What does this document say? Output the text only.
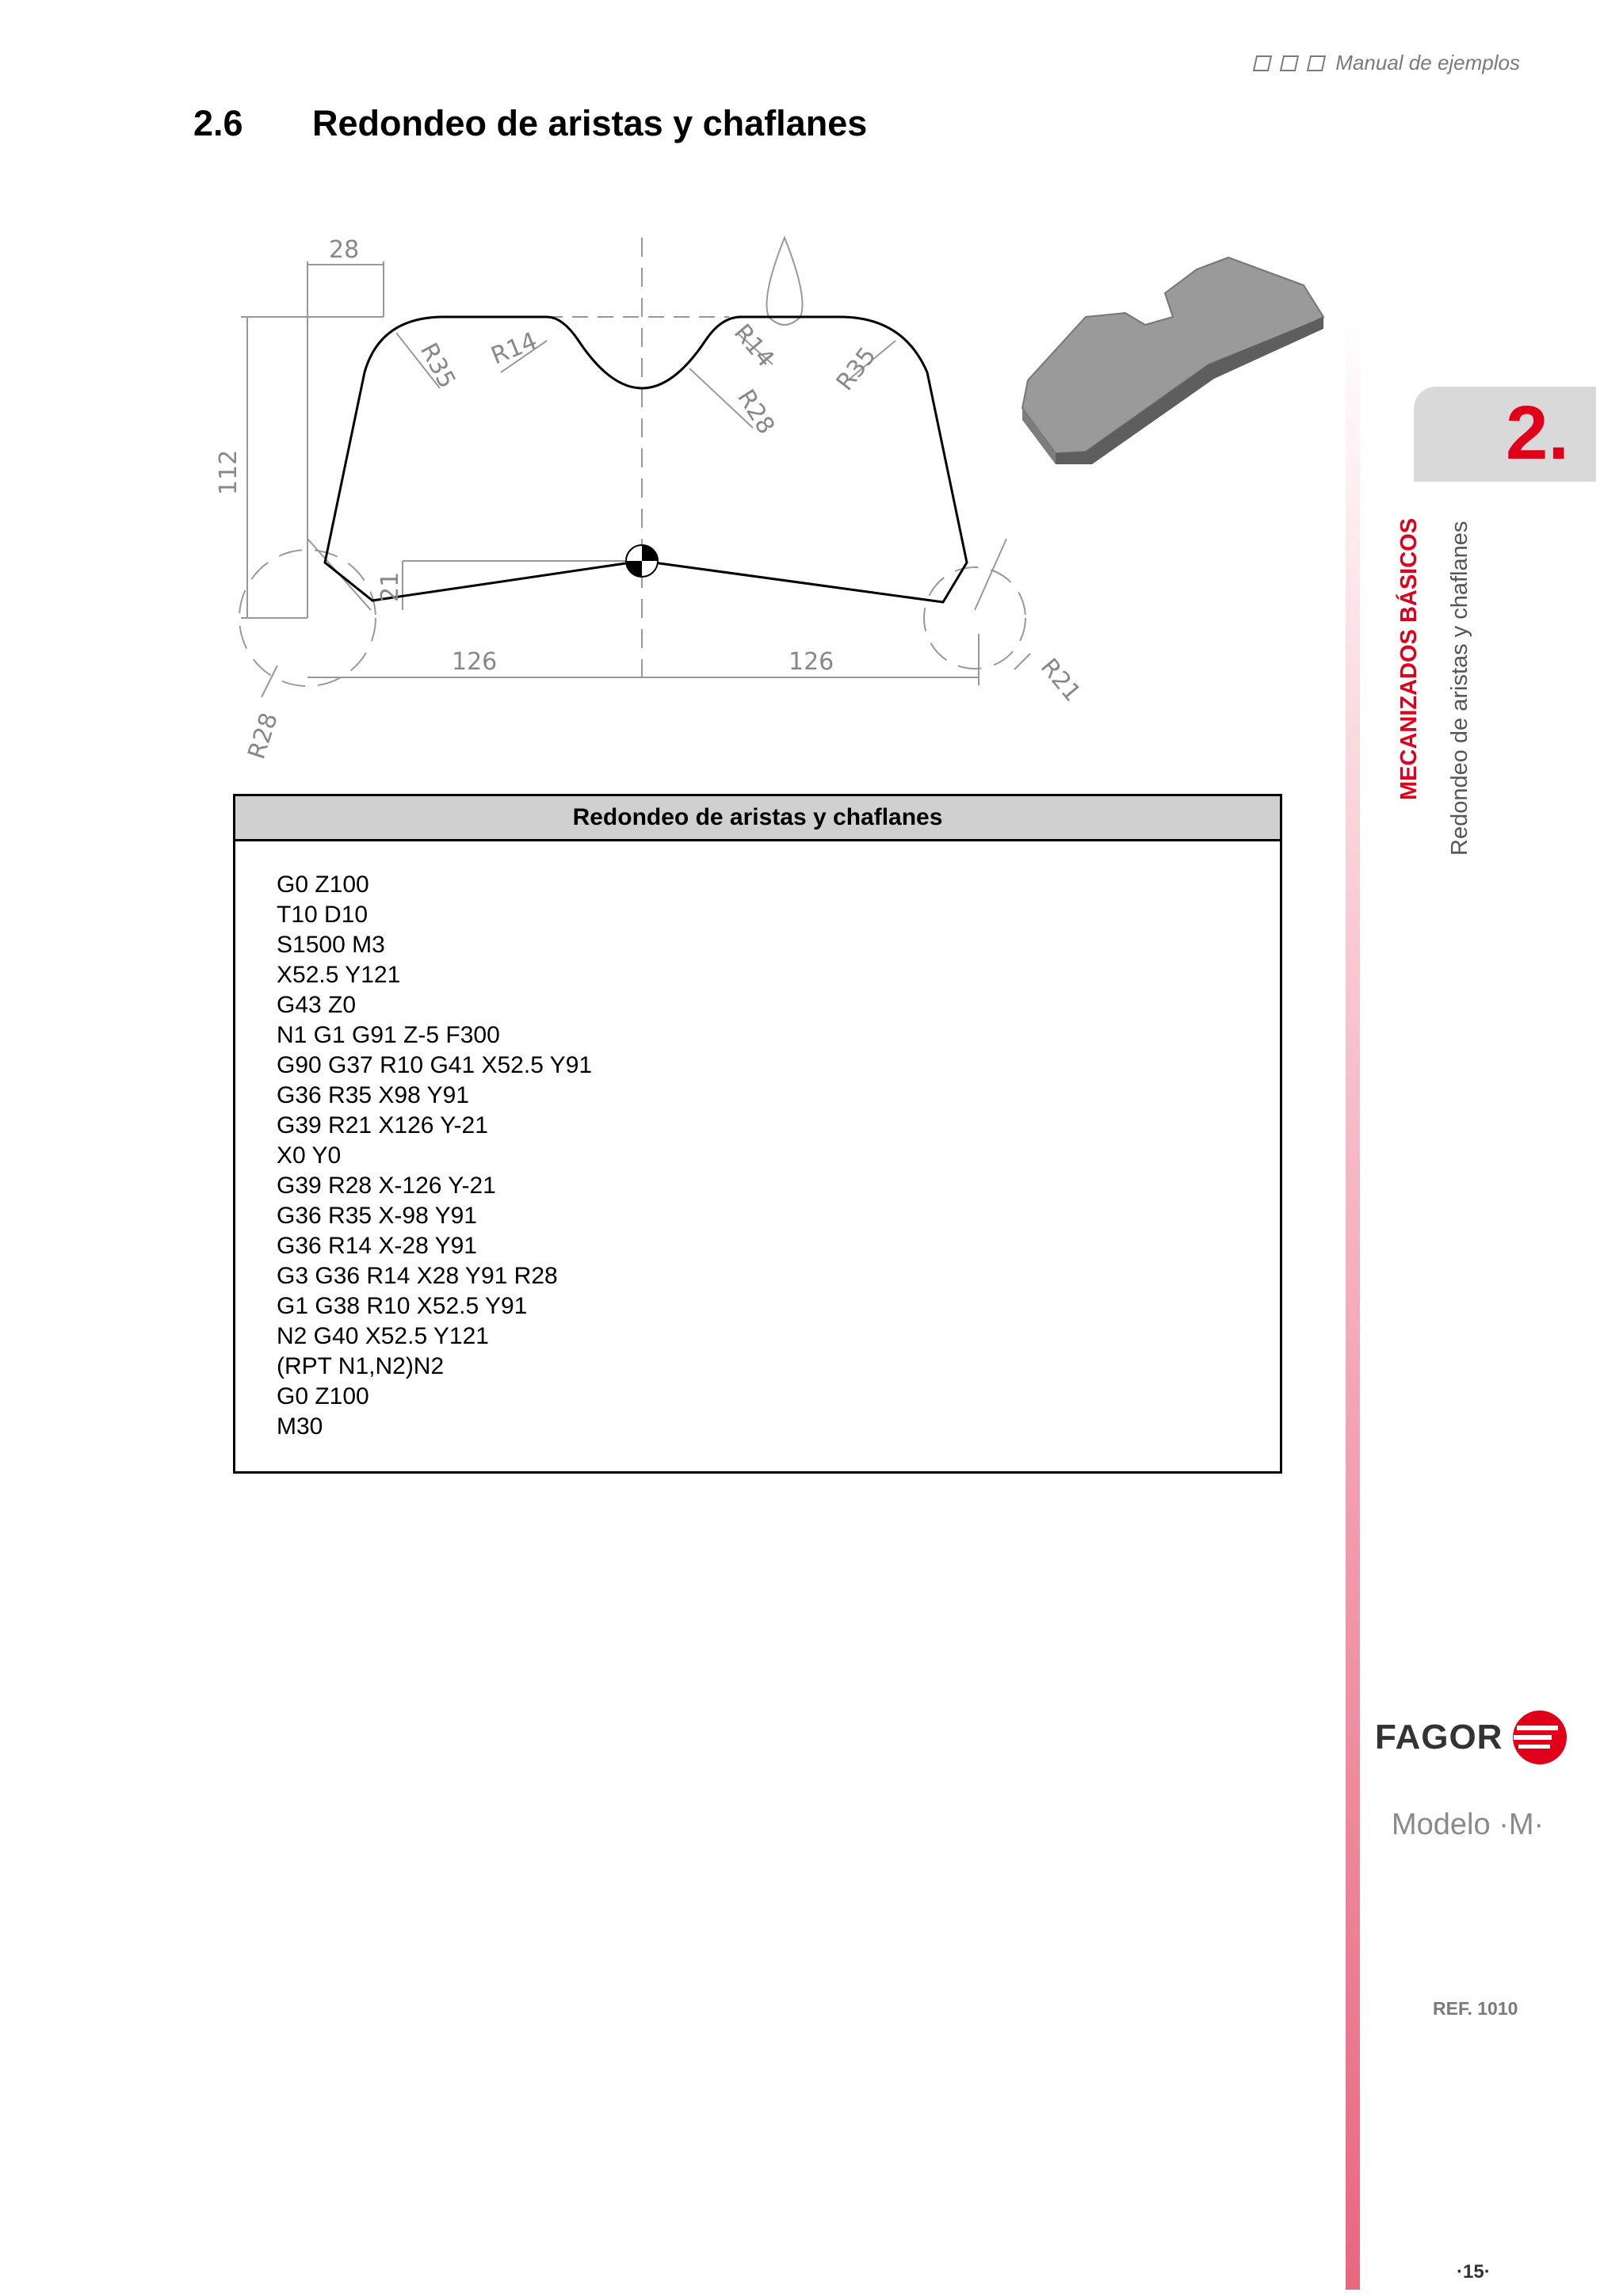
Manual de ejemplos
2.6	Redondeo de aristas y chaflanes
28
112
126	126
21
R35 R14	R14
R28
R35
R28
R21
Redondeo de aristas y chaflanes
G0 Z100
T10 D10
S1500 M3
X52.5 Y121
G43 Z0
N1 G1 G91 Z-5 F300
G90 G37 R10 G41 X52.5 Y91
G36 R35 X98 Y91
G39 R21 X126 Y-21
X0 Y0
G39 R28 X-126 Y-21
G36 R35 X-98 Y91
G36 R14 X-28 Y91
G3 G36 R14 X28 Y91 R28
G1 G38 R10 X52.5 Y91
N2 G40 X52.5 Y121
(RPT N1,N2)N2
G0 Z100
M30
2.
MECANIZADOS BÁSICOS Redondeo de aristas y chaflanes
FAGOR
Modelo ·M·
REF. 1010
·15·
